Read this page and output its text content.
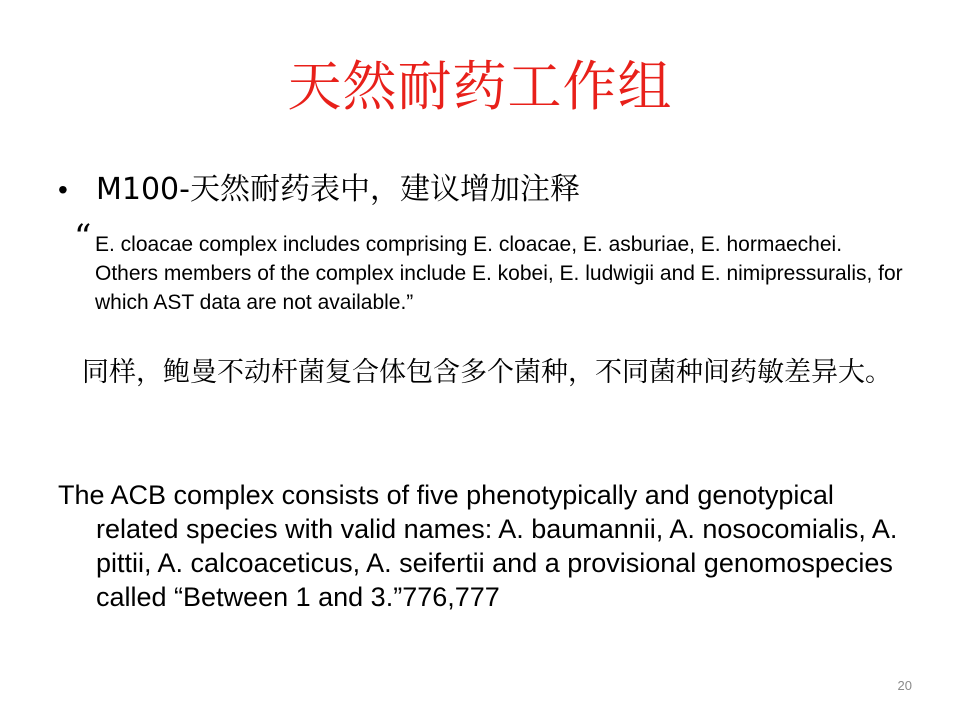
天然耐药工作组
• M100-天然耐药表中，建议增加注释
“ E. cloacae complex includes comprising E. cloacae, E. asburiae, E. hormaechei. Others members of the complex include E. kobei, E. ludwigii and E. nimipressuralis, for which AST data are not available.”
同样，鲍曼不动杆菌复合体包含多个菌种，不同菌种间药敏差异大。
The ACB complex consists of five phenotypically and genotypical related species with valid names: A. baumannii, A. nosocomialis, A. pittii, A. calcoaceticus, A. seifertii and a provisional genomospecies called “Between 1 and 3.”776,777
20
